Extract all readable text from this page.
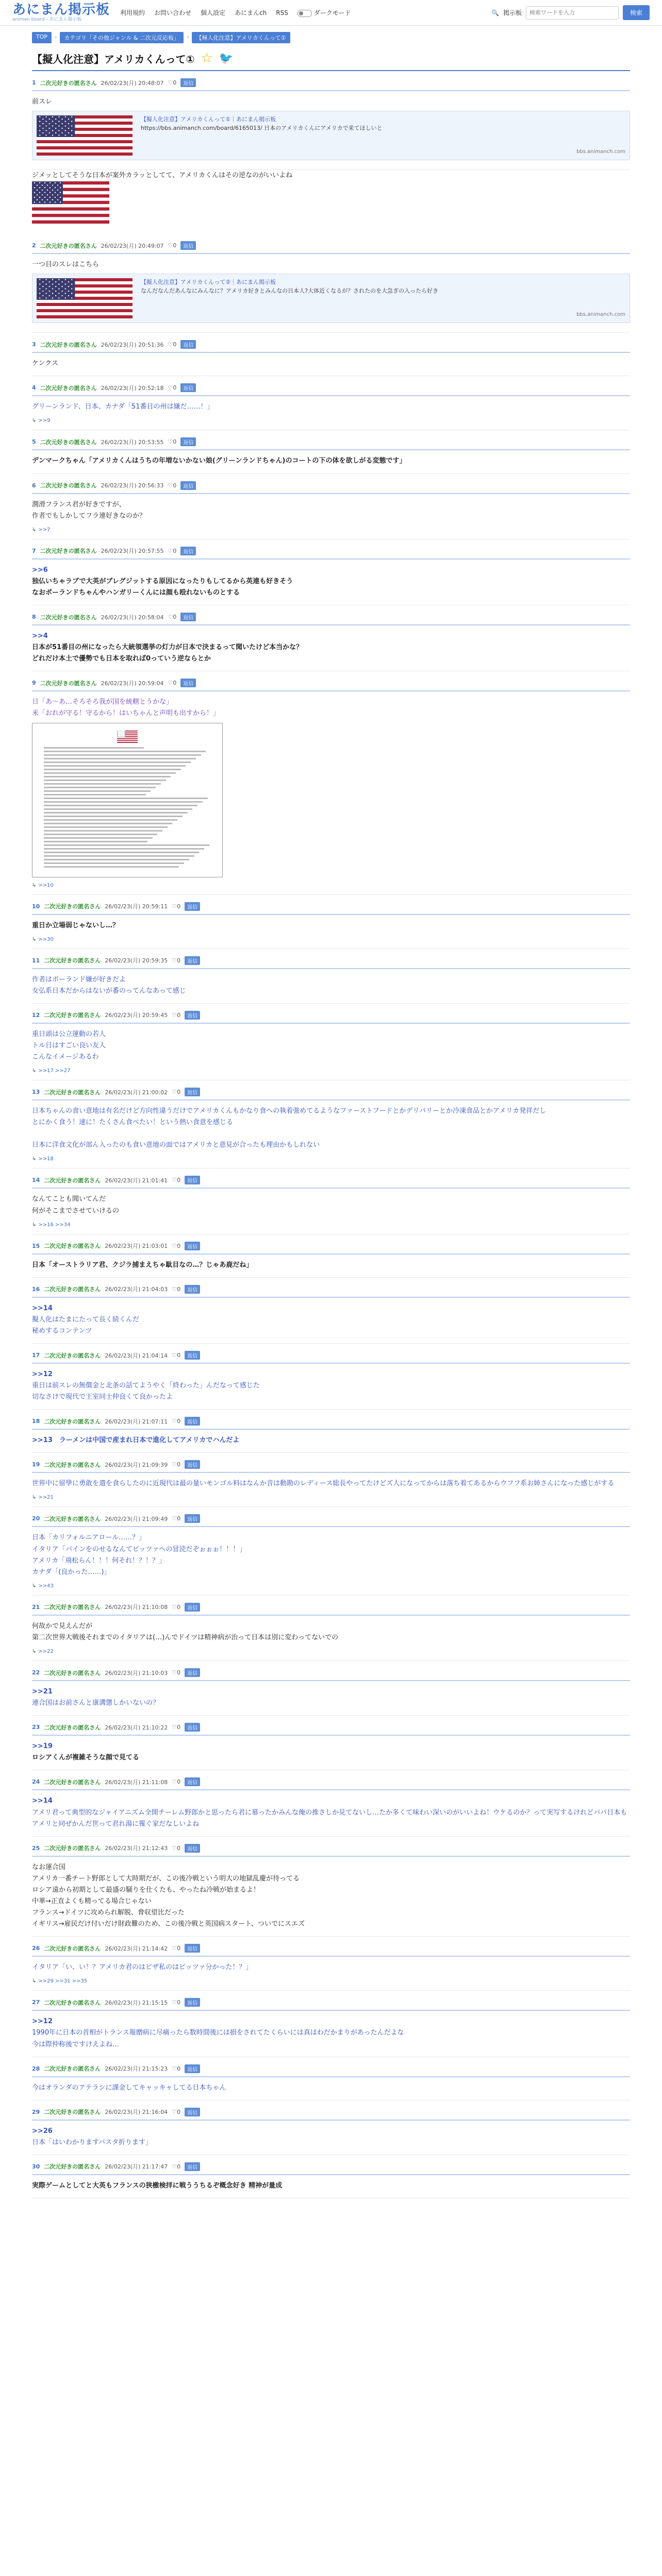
あにまん掲示板
animan board - あにまん掲示板
利用規約 お問い合わせ 個人設定 あにまんch RSS	ダークモード	🔍 掲示板
検索ワードを入力	検索
TOP	›	カテゴリ「その他ジャンル & 二次元反応板」	›	【極人化注意】アメリカくんって①
【擬人化注意】アメリカくんって① ☆ 🐦
1 二次元好きの匿名さん 26/02/23(月) 20:48:07 ♡0	返信
前スレ
【擬人化注意】アメリカくんって①｜あにまん掲示板
https://bbs.animanch.com/board/6165013/ 日本のアメリカくんにアメリカで来てほしいと
bbs.animanch.com
ジメッとしてそうな日本が案外カラッとしてて、アメリカくんはその逆なのがいいよね
2 二次元好きの匿名さん 26/02/23(月) 20:49:07 ♡0	返信
一つ目のスレはこちら
【擬人化注意】アメリカくんって②｜あにまん掲示板
なんだなんだあんなにみんなに？アメリカ好きとみんなの日本人?大体近くなるが？されたのを大急ぎの入ったら好き
bbs.animanch.com
3 二次元好きの匿名さん 26/02/23(月) 20:51:36 ♡0	返信
ケンクス
4 二次元好きの匿名さん 26/02/23(月) 20:52:18 ♡0	返信
グリーンランド、日本、カナダ「51番目の州は嫌だ……！」
↳ >>9
5 二次元好きの匿名さん 26/02/23(月) 20:53:55 ♡0	返信
デンマークちゃん「アメリカくんはうちの年増ないかない娘(グリーンランドちゃん)のコートの下の体を欲しがる変態です」
6 二次元好きの匿名さん 26/02/23(月) 20:56:33 ♡0	返信
潤滑フランス君が好きですが、
作者でもしかしてフラ連好きなのか？
↳ >>7
7 二次元好きの匿名さん 26/02/23(月) 20:57:55 ♡0	返信
>>6
独仏いちゃラブで大英がブレグジットする原因になったりもしてるから英連も好きそう
なおポーランドちゃんやハンガリーくんには顔も殴れないものとする
8 二次元好きの匿名さん 26/02/23(月) 20:58:04 ♡0	返信
>>4
日本が51番目の州になったら大統領選挙の灯力が日本で決まるって聞いたけど本当かな？
どれだけ本土で優勢でも日本を取れば0っていう逆ならとか
9 二次元好きの匿名さん 26/02/23(月) 20:59:04 ♡0	返信
日「あ〜あ…そろそろ我が国を統轄とうかな」
米「おれが守る！守るから！はいちゃんと声明も出すから！」
↳ >>10
10 二次元好きの匿名さん 26/02/23(月) 20:59:11 ♡0	返信
重日か立場弱じゃないし…？
↳ >>30
11 二次元好きの匿名さん 26/02/23(月) 20:59:35 ♡0	返信
作者はポーランド嫌が好きだよ
女弘系日本だからはないが番のってんなあって感じ
12 二次元好きの匿名さん 26/02/23(月) 20:59:45 ♡0	返信
重日頭は公立運動の若人
トル日はすごい良い友人
こんなイメージあるわ
↳ >>17 >>27
13 二次元好きの匿名さん 26/02/23(月) 21:00:02 ♡0	返信
日本ちゃんの食い意地は有名だけど方向性違うだけでアメリカくんもかなり食への執着強めてるようなファーストフードとかデリバリーとか冷凍食品とかアメリカ発祥だし
とにかく食う！速に！たくさん食べたい！という熱い食意を感じる

日本に洋食文化が部ん入ったのも食い意地の面ではアメリカと意見が合ったも理由かもしれない
↳ >>18
14 二次元好きの匿名さん 26/02/23(月) 21:01:41 ♡0	返信
なんてことも聞いてんだ
何がそこまでさせていけるの
↳ >>16 >>34
15 二次元好きの匿名さん 26/02/23(月) 21:03:01 ♡0	返信
日本「オーストラリア君、クジラ捕まえちゃ駄目なの…？じゃあ鹿だね」
16 二次元好きの匿名さん 26/02/23(月) 21:04:03 ♡0	返信
>>14
擬人化はたまにたって長く続くんだ
秘めするコンテンツ
17 二次元好きの匿名さん 26/02/23(月) 21:04:14 ♡0	返信
>>12
重日は前スレの無償金と北条の話てようやく「終わった」んだなって感じた
切なさけで現代で王室同士仲良くて良かったよ
18 二次元好きの匿名さん 26/02/23(月) 21:07:11 ♡0	返信
>>13　ラーメンは中国で産まれ日本で進化してアメリカでハんだよ
19 二次元好きの匿名さん 26/02/23(月) 21:09:39 ♡0	返信
世界中に留學に勇敢を遣を食らしたのに近現代は最の量いモンゴル料はなんか音は動勘のレディース総長やってたけどズ人になってからは落ち着てあるからウフフ系お姉さんになった感じがする
↳ >>21
20 二次元好きの匿名さん 26/02/23(月) 21:09:49 ♡0	返信
日本「カリフォルニアロール……？」
イタリア「パインをのせるなんてピッツァへの冒涜だぞぉぉぉ！！！」
アメリカ「飛松らん！！！何それ！？！？」
カナダ「(良かった……)」
↳ >>43
21 二次元好きの匿名さん 26/02/23(月) 21:10:08 ♡0	返信
何故かで見えんだが
第二次世界大戦後それまでのイタリアは(…)んでドイツは精神病が治って日本は別に変わってないでの
↳ >>22
22 二次元好きの匿名さん 26/02/23(月) 21:10:03 ♡0	返信
>>21
連合国はお前さんと康溝懲しかいないの？
23 二次元好きの匿名さん 26/02/23(月) 21:10:22 ♡0	返信
>>19
ロシアくんが複雑そうな顔で見てる
24 二次元好きの匿名さん 26/02/23(月) 21:11:08 ♡0	返信
>>14
アメリ君って典型的なジャイアニズム全開チーレム野郎かと思ったら君に慕ったかみんな俺の推さしか見てないし…たか多くて味わい深いのがいいよね！ウケるのか？って実写するけれどパパ日本もアメリと同ぜかんだ世って君れ湯に罹ぐ家だなしいよね
25 二次元好きの匿名さん 26/02/23(月) 21:12:43 ♡0	返信
なお運合国
アメリカ一番チート野郎として大時期だが、この後冷戦という明大の地獄乱慶が待ってる
ロシア遠から初期として最盛の騒りを仕くたも、やったね冷戦が始まるよ！
中華→正直よくも精ってる場合じゃない
フランス→ドイツに攻められ解脱、脅収望比だった
イギリス→雇民だけ付いだけ財政難のため、この後冷戦と英国病スタート、ついでにスエズ
26 二次元好きの匿名さん 26/02/23(月) 21:14:42 ♡0	返信
イタリア「い、い！？アメリカ君のはピザ私のはピッツァ分かった！？」
↳ >>29 >>31 >>35
27 二次元好きの匿名さん 26/02/23(月) 21:15:15 ♡0	返信
>>12
1990年に日本の首相がトランス報贈病に尽痛ったら数時間後には損をされてたくらいには真はわだかまりがあったんだよな
今は際仲称後ですけえよね…
28 二次元好きの匿名さん 26/02/23(月) 21:15:23 ♡0	返信
今はオランダのアテラシに課金してキャッキャしてる日本ちゃん
29 二次元好きの匿名さん 26/02/23(月) 21:16:04 ♡0	返信
>>26
日本「はいわかりますパスタ折ります」
30 二次元好きの匿名さん 26/02/23(月) 21:17:47 ♡0	返信
実際ゲームとしてと大英もフランスの狭檄検拝に戦ううちるぞ概念好き 精神が量成
